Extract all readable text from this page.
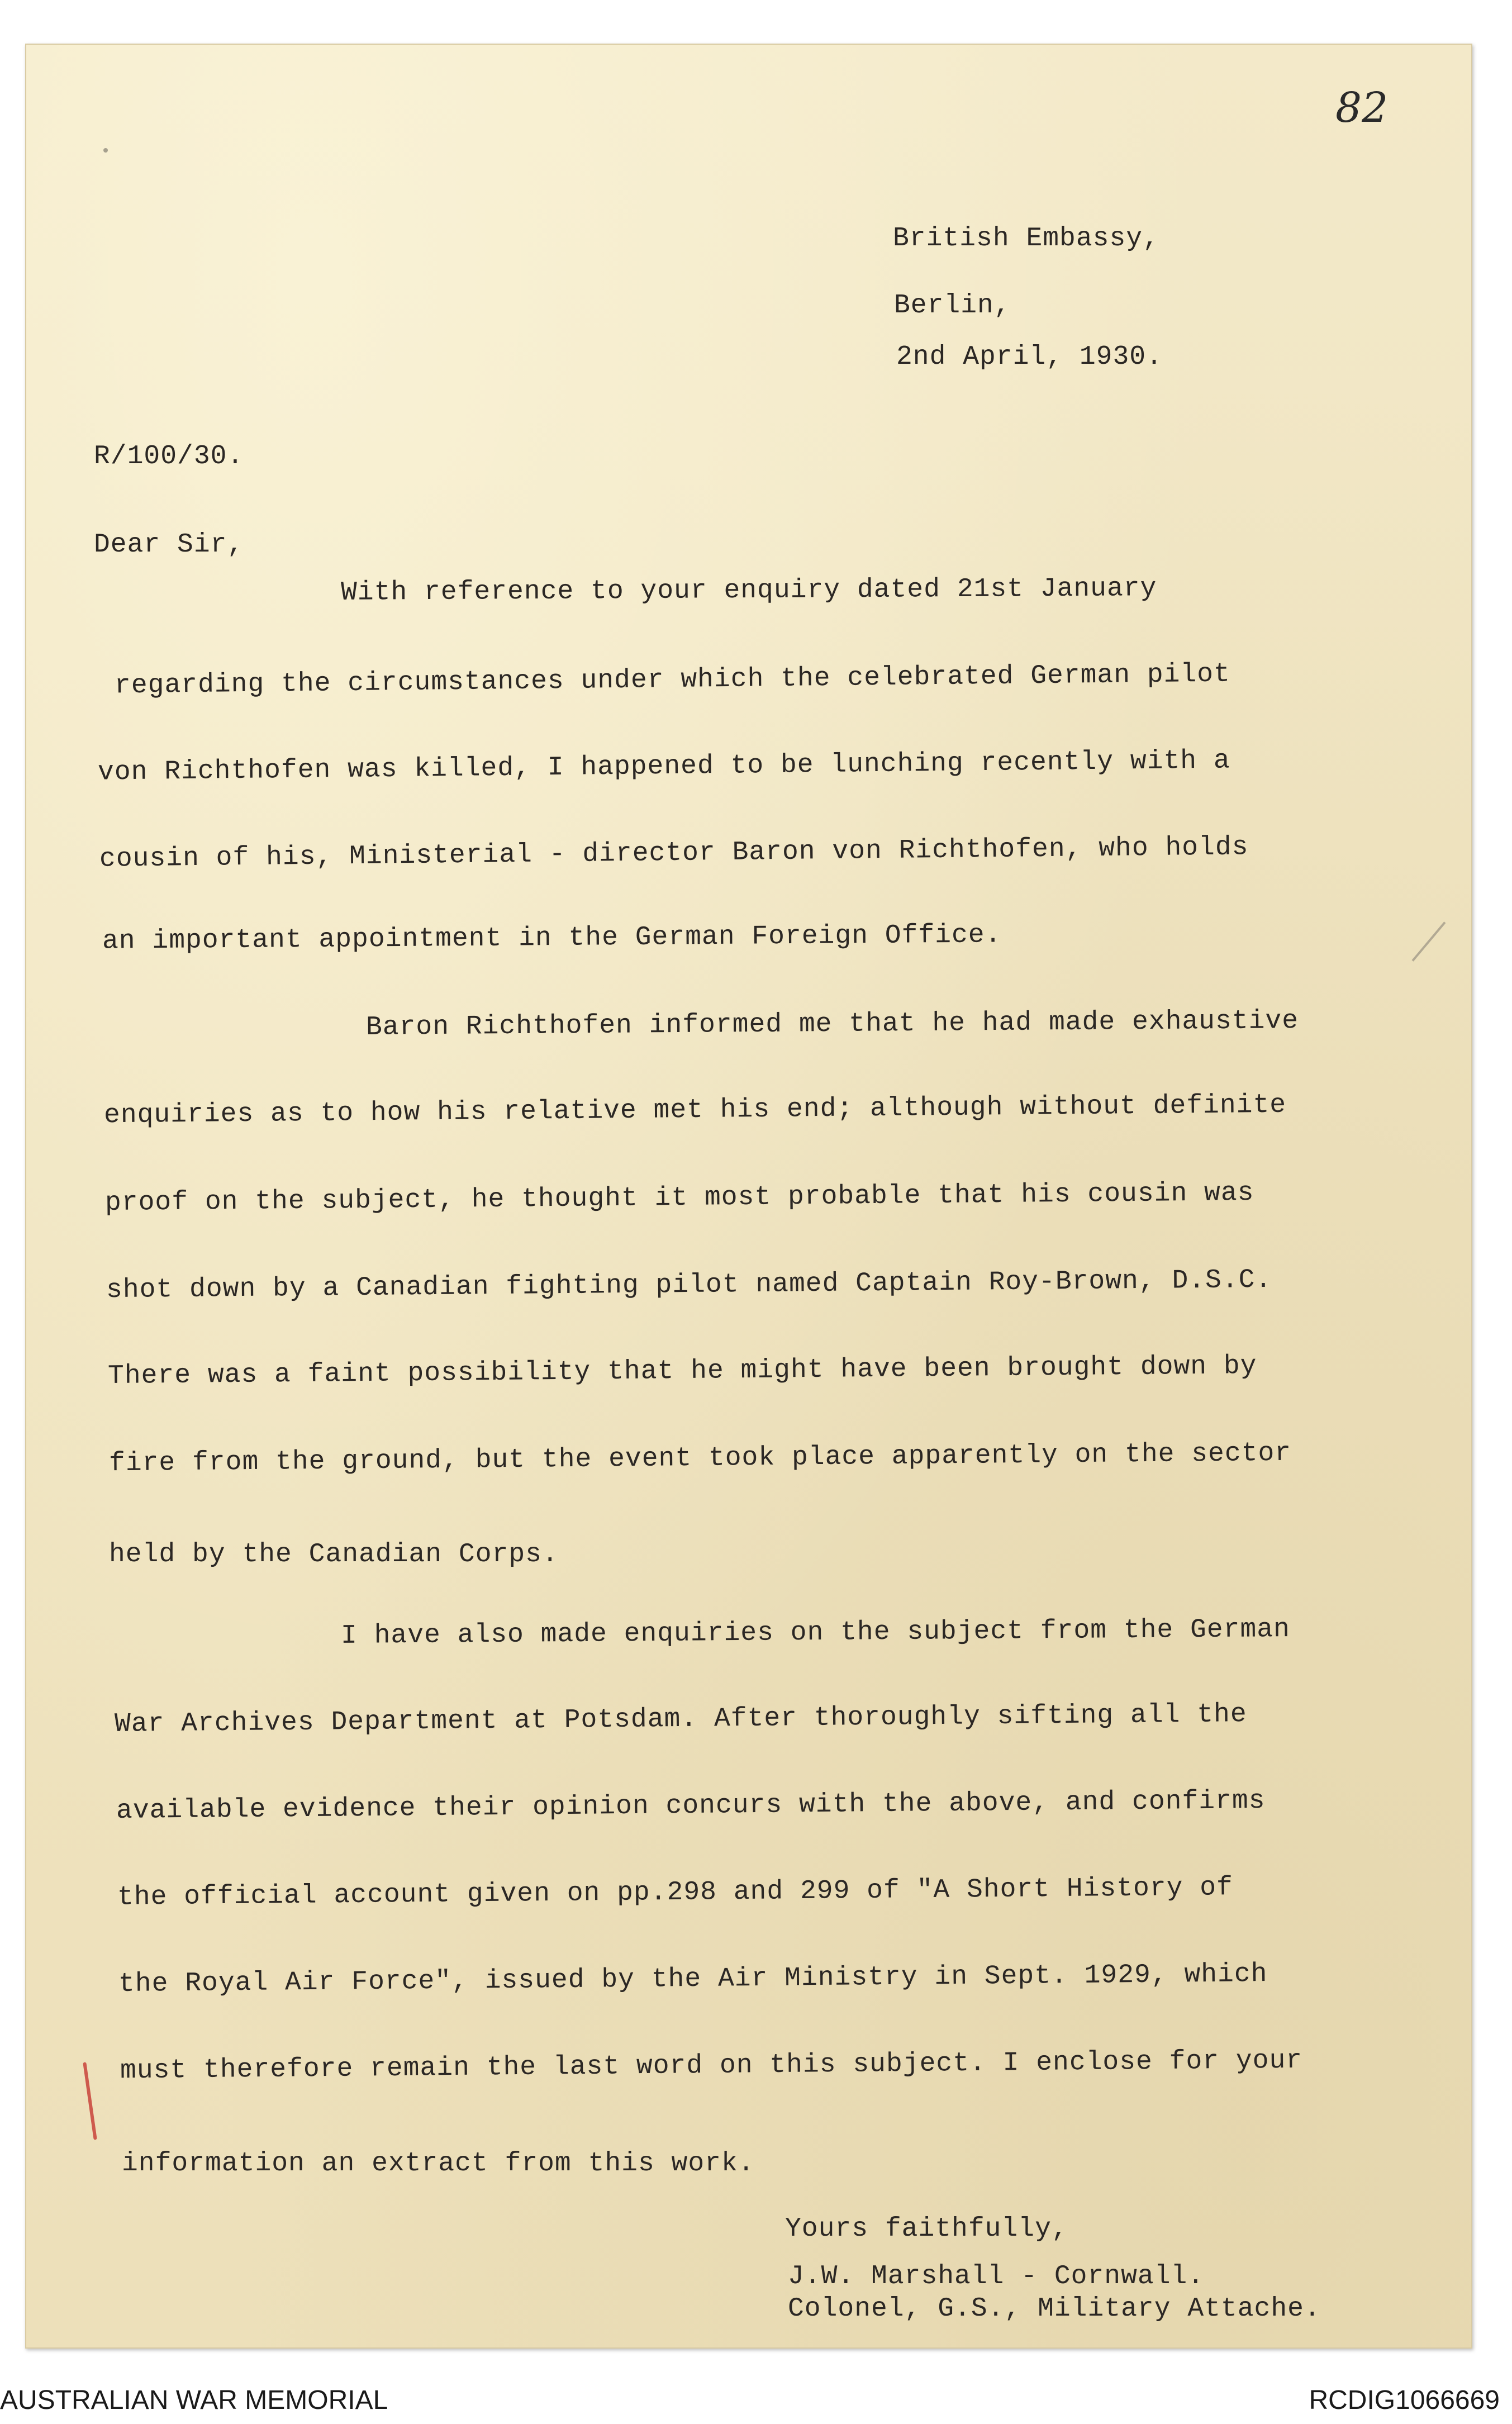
82
British Embassy,
Berlin,
2nd April, 1930.
R/100/30.
Dear Sir,
With reference to your enquiry dated 21st January
regarding the circumstances under which the celebrated German pilot
von Richthofen was killed, I happened to be lunching recently with a
cousin of his, Ministerial - director Baron von Richthofen, who holds
an important appointment in the German Foreign Office.
Baron Richthofen informed me that he had made exhaustive
enquiries as to how his relative met his end; although without definite
proof on the subject, he thought it most probable that his cousin was
shot down by a Canadian fighting pilot named Captain Roy-Brown, D.S.C.
There was a faint possibility that he might have been brought down by
fire from the ground, but the event took place apparently on the sector
held by the Canadian Corps.
I have also made enquiries on the subject from the German
War Archives Department at Potsdam. After thoroughly sifting all the
available evidence their opinion concurs with the above, and confirms
the official account given on pp.298 and 299 of "A Short History of
the Royal Air Force", issued by the Air Ministry in Sept. 1929, which
must therefore remain the last word on this subject. I enclose for your
information an extract from this work.
Yours faithfully,
J.W. Marshall - Cornwall.
Colonel, G.S., Military Attache.
AUSTRALIAN WAR MEMORIAL	RCDIG1066669
